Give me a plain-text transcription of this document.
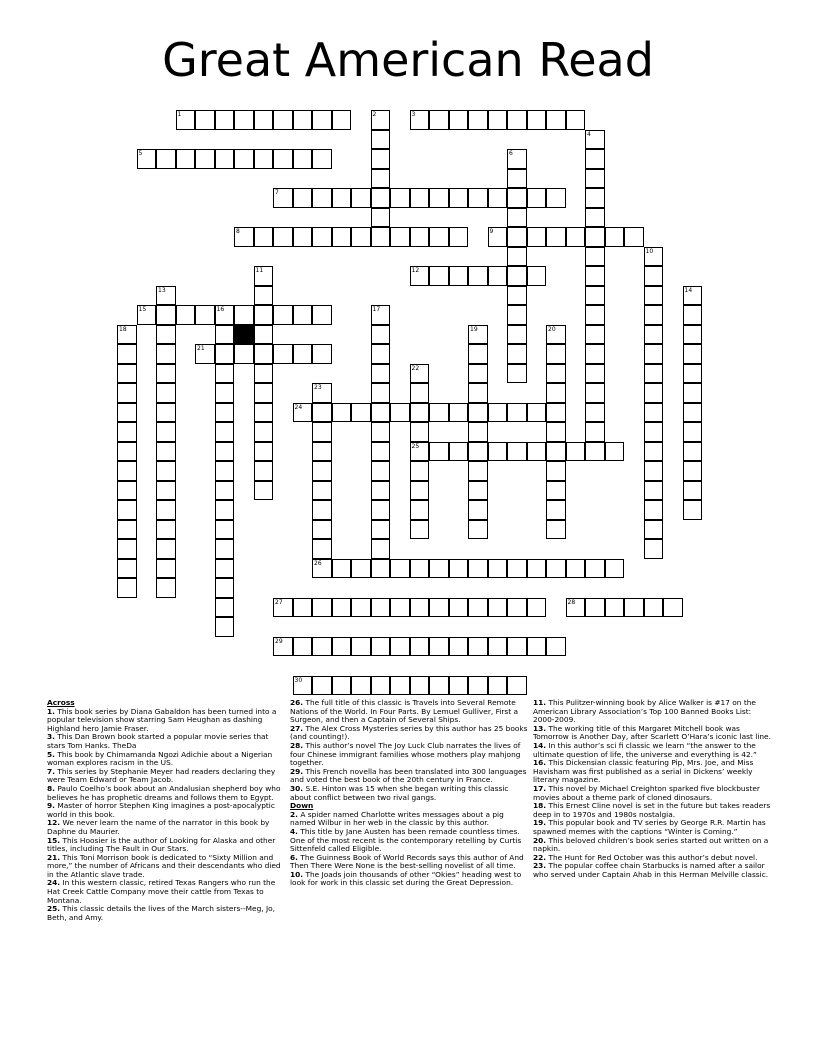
Great American Read
1	2	3
4
5	6
7
8	9
10
11	12
13	14
15	16	17
18	19	20
21
22
25
23
24
26
27	28
29
30

Across

1. This book series by Diana Gabaldon has been turned into a popular television show starring Sam Heughan as dashing Highland hero Jamie Fraser.

3. This Dan Brown book started a popular movie series that stars Tom Hanks. TheDa

5. This book by Chimamanda Ngozi Adichie about a Nigerian woman explores racism in the US.

7. This series by Stephanie Meyer had readers declaring they were Team Edward or Team Jacob.

8. Paulo Coelho’s book about an Andalusian shepherd boy who believes he has prophetic dreams and follows them to Egypt.

9. Master of horror Stephen King imagines a post-apocalyptic world in this book.

12. We never learn the name of the narrator in this book by Daphne du Maurier.

15. This Hoosier is the author of Looking for Alaska and other titles, including The Fault in Our Stars.

21. This Toni Morrison book is dedicated to “Sixty Million and more,” the number of Africans and their descendants who died in the Atlantic slave trade.

24. In this western classic, retired Texas Rangers who run the Hat Creek Cattle Company move their cattle from Texas to Montana.

25. This classic details the lives of the March sisters--Meg, Jo, Beth, and Amy.

26. The full title of this classic is Travels into Several Remote Nations of the World. In Four Parts. By Lemuel Gulliver, First a Surgeon, and then a Captain of Several Ships.

27. The Alex Cross Mysteries series by this author has 25 books (and counting!).

28. This author’s novel The Joy Luck Club narrates the lives of four Chinese immigrant families whose mothers play mahjong together.

29. This French novella has been translated into 300 languages and voted the best book of the 20th century in France.

30. S.E. Hinton was 15 when she began writing this classic about conflict between two rival gangs.

Down

2. A spider named Charlotte writes messages about a pig named Wilbur in her web in the classic by this author.

4. This title by Jane Austen has been remade countless times. One of the most recent is the contemporary retelling by Curtis Sittenfeld called Eligible.

6. The Guinness Book of World Records says this author of And Then There Were None is the best-selling novelist of all time.

10. The Joads join thousands of other “Okies” heading west to look for work in this classic set during the Great Depression.

11. This Pulitzer-winning book by Alice Walker is #17 on the American Library Association’s Top 100 Banned Books List: 2000-2009.

13. The working title of this Margaret Mitchell book was Tomorrow is Another Day, after Scarlett O’Hara’s iconic last line.

14. In this author’s sci fi classic we learn “the answer to the ultimate question of life, the universe and everything is 42.”

16. This Dickensian classic featuring Pip, Mrs. Joe, and Miss Havisham was first published as a serial in Dickens’ weekly literary magazine.

17. This novel by Michael Creighton sparked five blockbuster movies about a theme park of cloned dinosaurs.

18. This Ernest Cline novel is set in the future but takes readers deep in to 1970s and 1980s nostalgia.

19. This popular book and TV series by George R.R. Martin has spawned memes with the captions “Winter is Coming.”

20. This beloved children’s book series started out written on a napkin.

22. The Hunt for Red October was this author’s debut novel.

23. The popular coffee chain Starbucks is named after a sailor who served under Captain Ahab in this Herman Melville classic.
